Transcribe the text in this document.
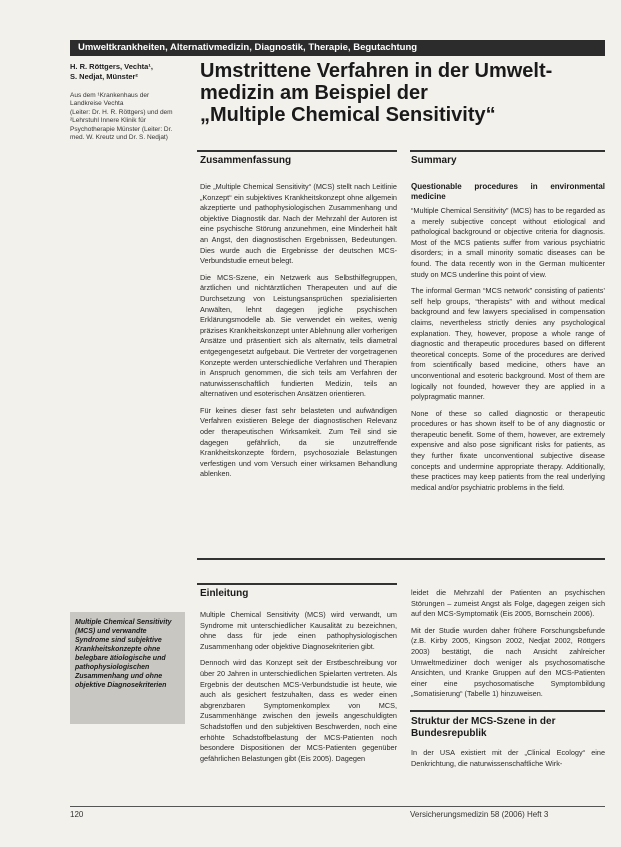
Umweltkrankheiten, Alternativmedizin, Diagnostik, Therapie, Begutachtung
H. R. Röttgers, Vechta¹,
S. Nedjat, Münster²
Aus dem ¹Krankenhaus der
Landkreise Vechta
(Leiter: Dr. H. R. Röttgers) und dem
²Lehrstuhl Innere Klinik für
Psychotherapie Münster (Leiter: Dr.
med. W. Kreutz und Dr. S. Nedjat)
Umstrittene Verfahren in der Umwelt-
medizin am Beispiel der
„Multiple Chemical Sensitivity“
Zusammenfassung

Die „Multiple Chemical Sensitivity“ (MCS) stellt nach Leitlinie „Konzept“ ein subjektives Krankheitskonzept ohne allgemein akzeptierte und pathophysiologischen Zusammenhang und objektive Diagnostik dar. Nach der Mehrzahl der Autoren ist eine psychische Störung anzunehmen, eine Minderheit hält an Angst, den diagnostischen Ergebnissen, Bedeutungen. Dies wurde auch die Ergebnisse der deutschen MCS-Verbundstudie erneut belegt.

Die MCS-Szene, ein Netzwerk aus Selbsthilfegruppen, ärztlichen und nichtärztlichen Therapeuten und auf die Durchsetzung von Leistungsansprüchen spezialisierten Anwälten, lehnt dagegen jegliche psychischen Erklärungsmodelle ab. Sie verwendet ein weites, wenig präzises Krankheitskonzept unter Ablehnung aller vorherigen Ansätze und präsentiert sich als alternativ, teils diametral entgegengesetzt aufgebaut. Die Vertreter der vorgetragenen Konzepte werden unterschiedliche Verfahren und Therapien in Anspruch genommen, die sich teils am Verfahren der naturwissenschaftlich fundierten Medizin, teils an alternativen und esoterischen Ansätzen orientieren.

Für keines dieser fast sehr belasteten und aufwändigen Verfahren existieren Belege der diagnostischen Relevanz oder therapeutischen Wirksamkeit. Zum Teil sind sie dagegen gefährlich, da sie unzutreffende Krankheitskonzepte fördern, psychosoziale Belastungen verfestigen und vom Versuch einer wirksamen Behandlung ablenken.

Summary
Questionable procedures in environmental medicine

“Multiple Chemical Sensitivity” (MCS) has to be regarded as a merely subjective concept without etiological and pathological background or objective criteria for diagnosis. Most of the MCS patients suffer from various psychiatric disorders; in a small minority somatic diseases can be found. The data recently won in the German multicenter study on MCS underline this point of view.

The informal German “MCS network” consisting of patients’ self help groups, “therapists” with and without medical background and few lawyers specialised in compensation claims, nevertheless strictly denies any psychological explanation. They, however, propose a whole range of diagnostic and therapeutic procedures based on different theoretical concepts. Some of the procedures are derived from scientifically based medicine, others have an unconventional and esoteric background. Most of them are logically not founded, however they are applied in a polypragmatic manner.

None of these so called diagnostic or therapeutic procedures or has shown itself to be of any diagnostic or therapeutic benefit. Some of them, however, are extremely expensive and also pose significant risks for patients, as they further fixate unconventional subjective disease concepts and undermine appropriate therapy. Additionally, these practices may keep patients from the real underlying medical and/or psychiatric problems in the field.

Einleitung

Multiple Chemical Sensitivity (MCS) wird verwandt, um Syndrome mit unterschiedlicher Kausalität zu bezeichnen, ohne dass für jede einen pathophysiologischen Zusammenhang oder objektive Diagnosekriterien gibt.

Dennoch wird das Konzept seit der Erstbeschreibung vor über 20 Jahren in unterschiedlichen Spielarten vertreten. Als Ergebnis der deutschen MCS-Verbundstudie ist heute, wie auch als gesichert festzuhalten, dass es weder einen abgrenzbaren Symptomenkomplex von MCS, Zusammenhänge zwischen den jeweils angeschuldigten Schadstoffen und den subjektiven Beschwerden, noch eine erhöhte Schadstoffbelastung der MCS-Patienten noch besondere Dispositionen der MCS-Patienten gegenüber gefährlichen Belastungen gibt (Eis 2005). Dagegen

leidet die Mehrzahl der Patienten an psychischen Störungen – zumeist Angst als Folge, dagegen zeigen sich auf den MCS-Symptomatik (Eis 2005, Bornschein 2006).

Mit der Studie wurden daher frühere Forschungsbefunde (z.B. Kirby 2005, Kingson 2002, Nedjat 2002, Röttgers 2003) bestätigt, die nach Ansicht zahlreicher Umweltmediziner doch weniger als psychosomatische Ansichten, und Kranke Gruppen auf den MCS-Patienten einer eine psychosomatische Symptombildung „Somatisierung“ (Tabelle 1) hinzuweisen.

Struktur der MCS-Szene in der Bundesrepublik

In der USA existiert mit der „Clinical Ecology“ eine Denkrichtung, die naturwissenschaftliche Wirk-

Multiple Chemical Sensitivity (MCS) und verwandte Syndrome sind subjektive Krankheitskonzepte ohne belegbare ätiologische und pathophysiologischen Zusammenhang und ohne objektive Diagnosekriterien
120	Versicherungsmedizin 58 (2006) Heft 3
